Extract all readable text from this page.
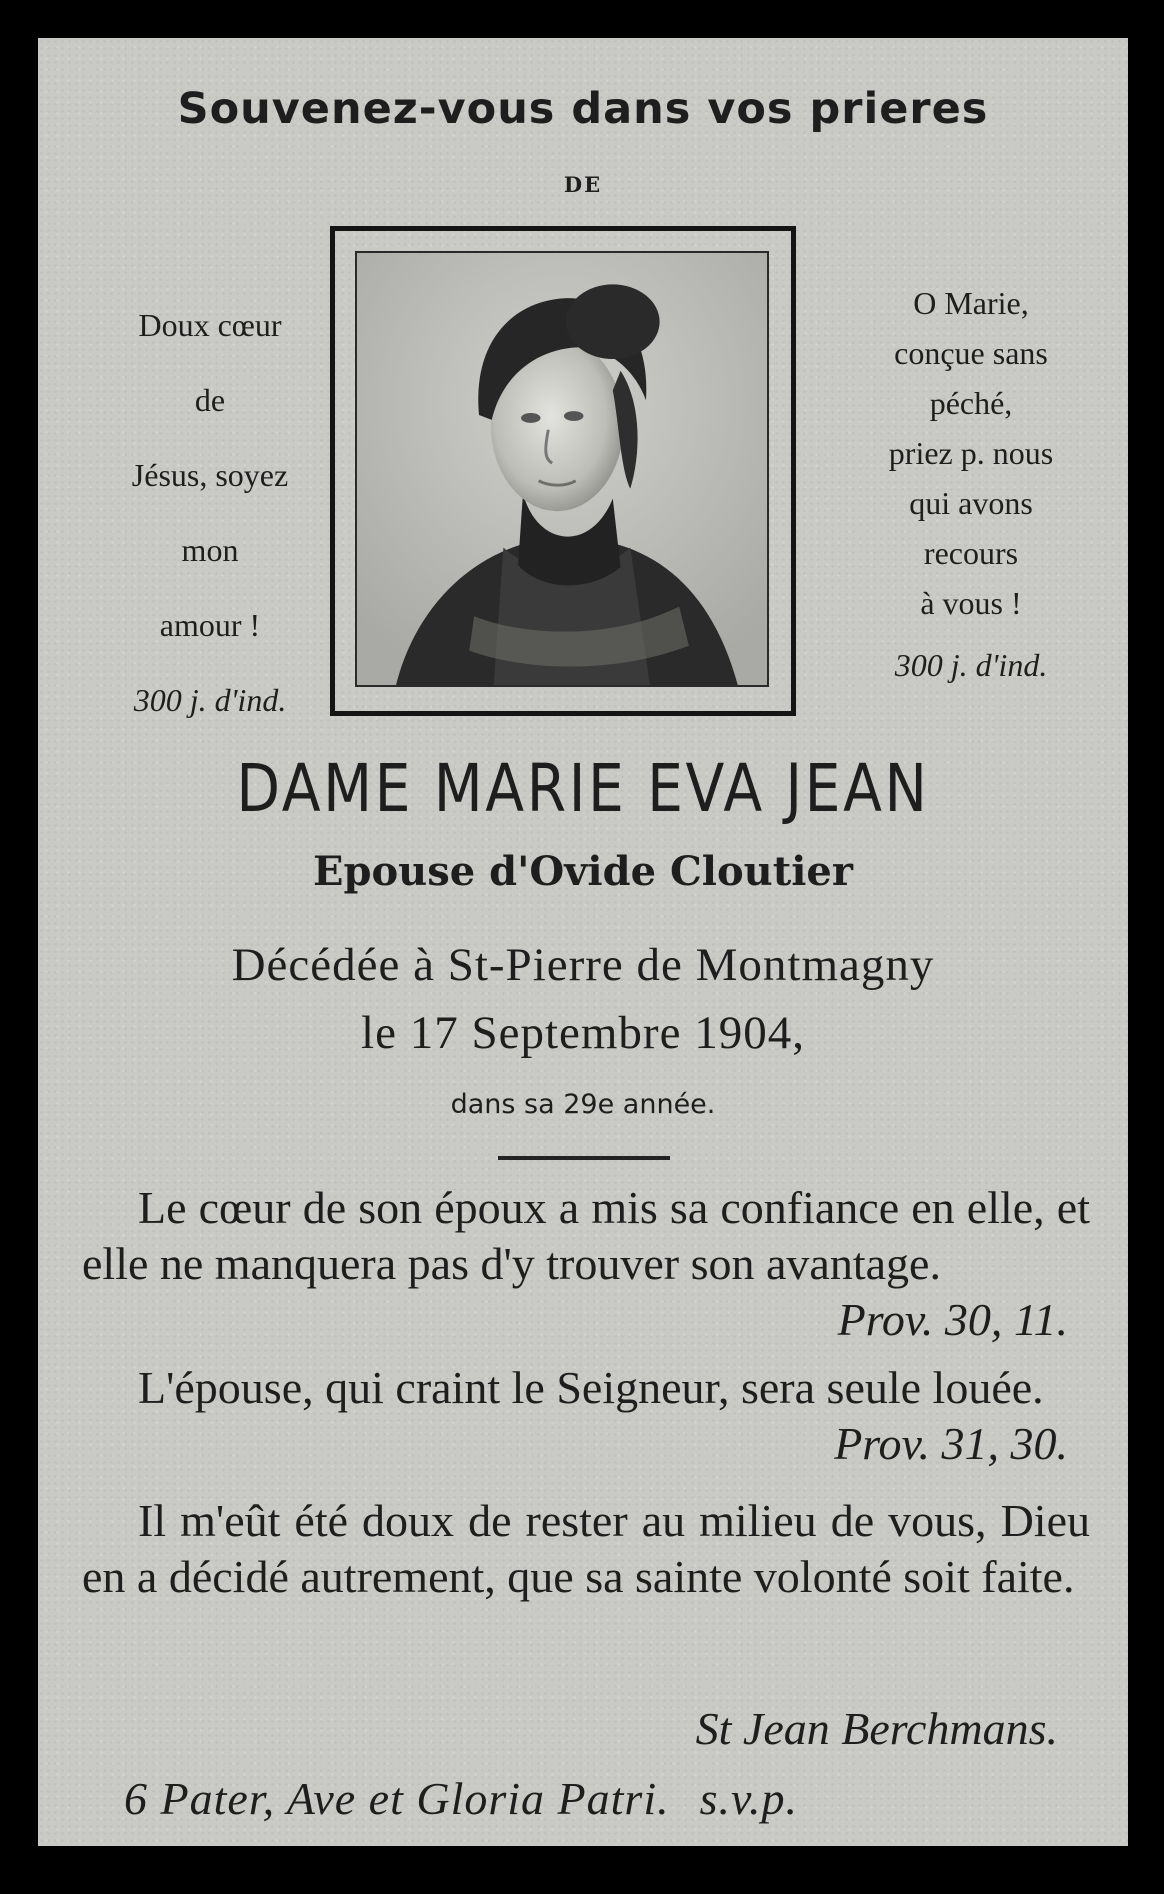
Souvenez-vous dans vos prieres
DE
Doux cœur
de
Jésus, soyez
mon
amour !
300 j. d'ind.
O Marie,
conçue sans
péché,
priez p. nous
qui avons
recours
à vous !
300 j. d'ind.
DAME MARIE EVA JEAN
Epouse d'Ovide Cloutier
Décédée à St-Pierre de Montmagny
le 17 Septembre 1904,
dans sa 29e année.
Le cœur de son époux a mis sa confiance en elle, et elle ne manquera pas d'y trouver son avantage.
Prov. 30, 11.
L'épouse, qui craint le Seigneur, sera seule louée.
Prov. 31, 30.
Il m'eût été doux de rester au milieu de vous, Dieu en a décidé autrement, que sa sainte volonté soit faite.
St Jean Berchmans.
6 Pater, Ave et Gloria Patri. s.v.p.
